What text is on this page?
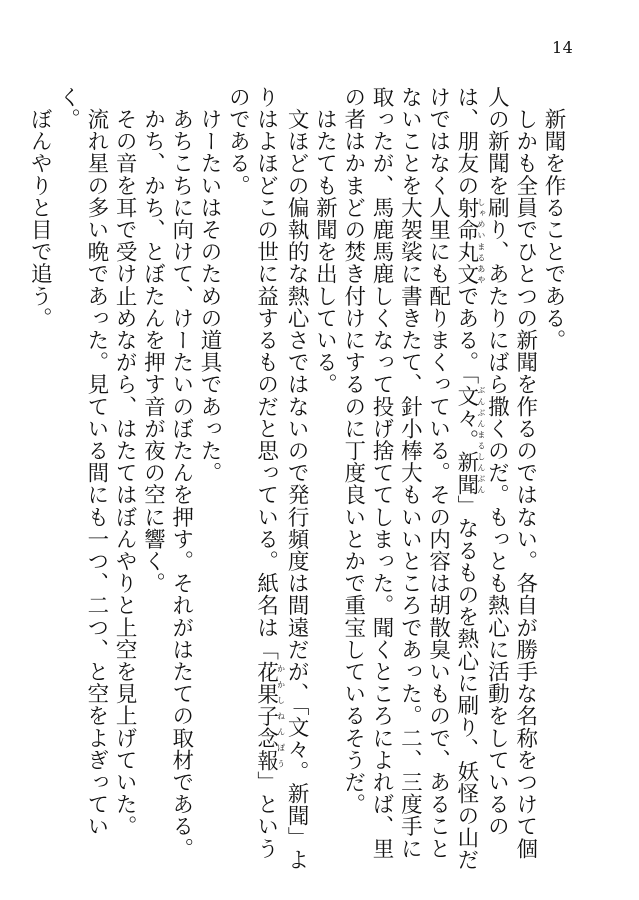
14
　新聞を作ることである。
　しかも全員でひとつの新聞を作るのではない。各自が勝手な名称をつけて個人の新聞を刷り、あたりにばら撒くのだ。もっとも熱心に活動をしているのは、朋友の射命丸文しゃめいまるあやである。「文々。新聞ぶんぶんまるしんぶん」なるものを熱心に刷り、妖怪の山だけではなく人里にも配りまくっている。その内容は胡散臭いもので、あることないことを大袈裟に書きたて、針小棒大もいいところであった。二、三度手に取ったが、馬鹿馬鹿しくなって投げ捨ててしまった。聞くところによれば、里の者はかまどの焚き付けにするのに丁度良いとかで重宝しているそうだ。
　はたても新聞を出している。
　文ほどの偏執的な熱心さではないので発行頻度は間遠だが、「文々。新聞」よりはよほどこの世に益するものだと思っている。紙名は「花果子念報かかしねんぽう」というのである。
　けーたいはそのための道具であった。
　あちこちに向けて、けーたいのぼたんを押す。それがはたての取材である。
　かち、かち、とぼたんを押す音が夜の空に響く。
　その音を耳で受け止めながら、はたてはぼんやりと上空を見上げていた。
　流れ星の多い晩であった。見ている間にも一つ、二つ、と空をよぎっていく。
　ぼんやりと目で追う。
